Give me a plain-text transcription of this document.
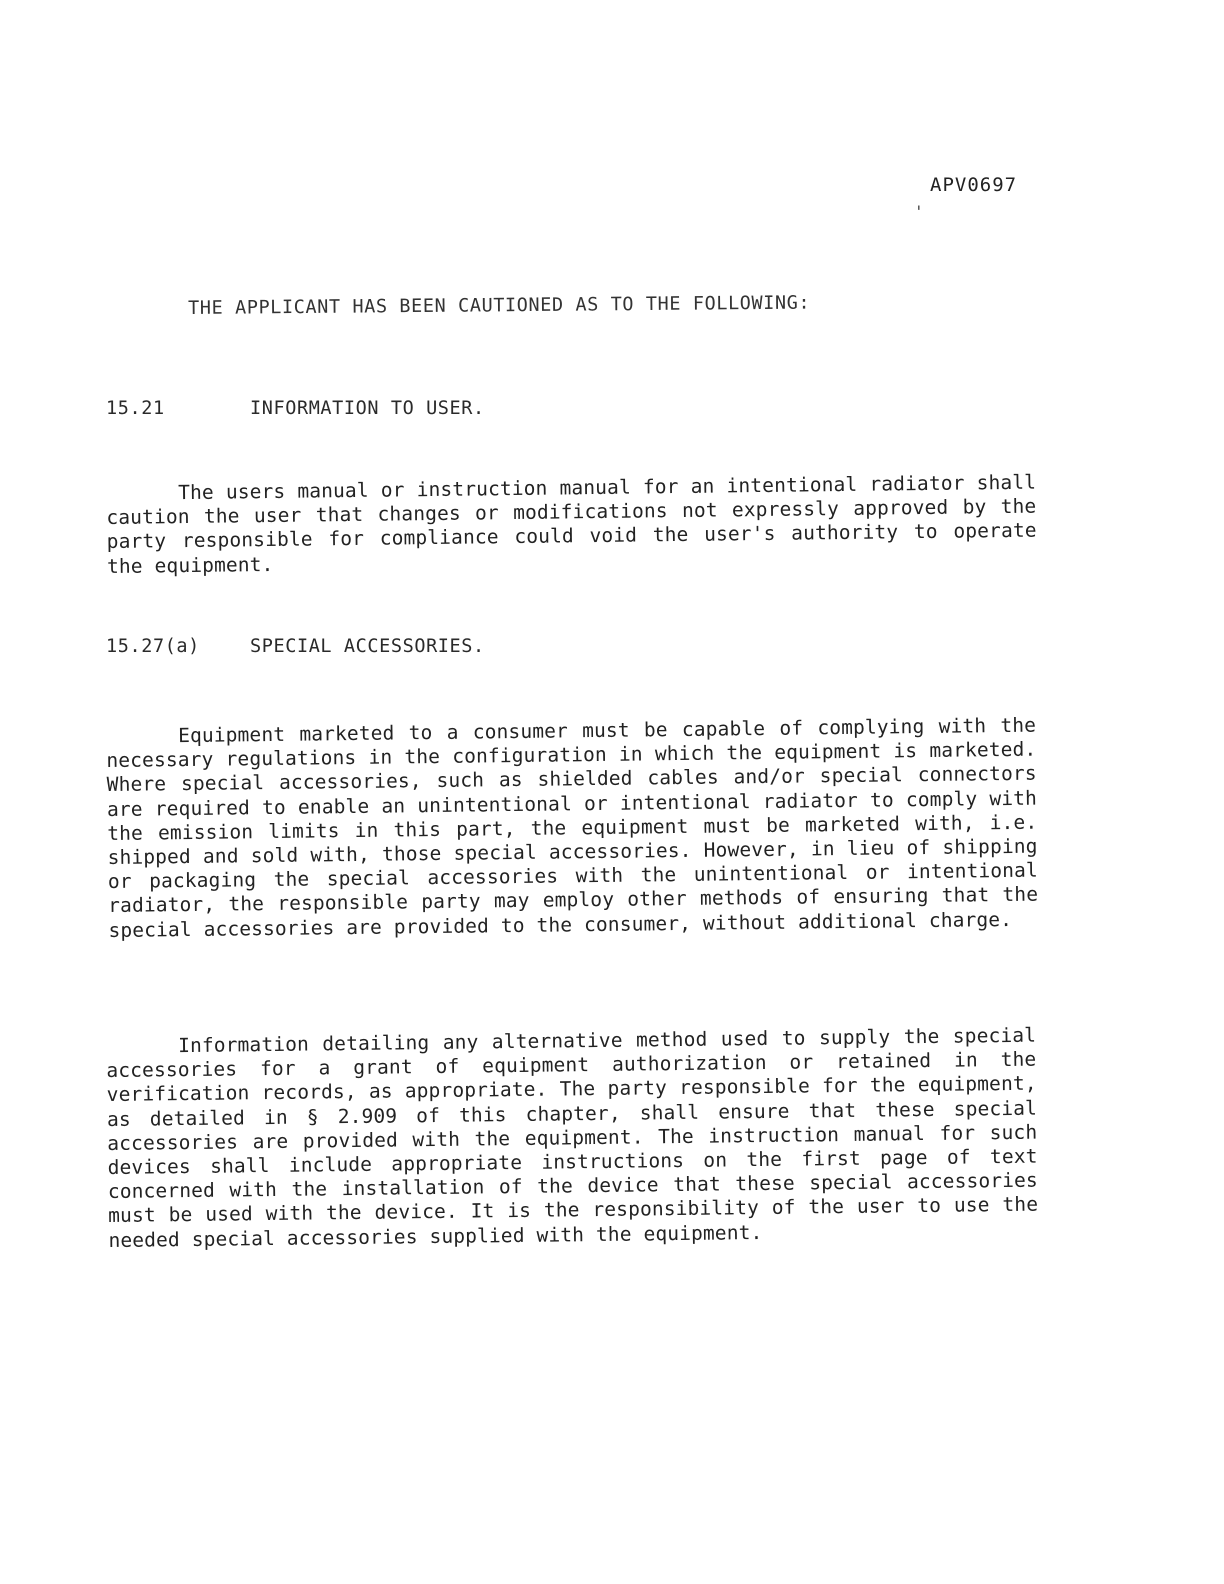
APV0697
'
THE APPLICANT HAS BEEN CAUTIONED AS TO THE FOLLOWING:
15.21	INFORMATION TO USER.

The users manual or instruction manual for an intentional radiator shall caution the user that changes or modifications not expressly approved by the party responsible for compliance could void the user's authority to operate the equipment.

15.27(a)	SPECIAL ACCESSORIES.

Equipment marketed to a consumer must be capable of complying with the necessary regulations in the configuration in which the equipment is marketed. Where special accessories, such as shielded cables and/or special connectors are required to enable an unintentional or intentional radiator to comply with the emission limits in this part, the equipment must be marketed with, i.e. shipped and sold with, those special accessories. However, in lieu of shipping or packaging the special accessories with the unintentional or intentional radiator, the responsible party may employ other methods of ensuring that the special accessories are provided to the consumer, without additional charge.

Information detailing any alternative method used to supply the special accessories for a grant of equipment authorization or retained in the verification records, as appropriate. The party responsible for the equipment, as detailed in § 2.909 of this chapter, shall ensure that these special accessories are provided with the equipment. The instruction manual for such devices shall include appropriate instructions on the first page of text concerned with the installation of the device that these special accessories must be used with the device. It is the responsibility of the user to use the needed special accessories supplied with the equipment.
